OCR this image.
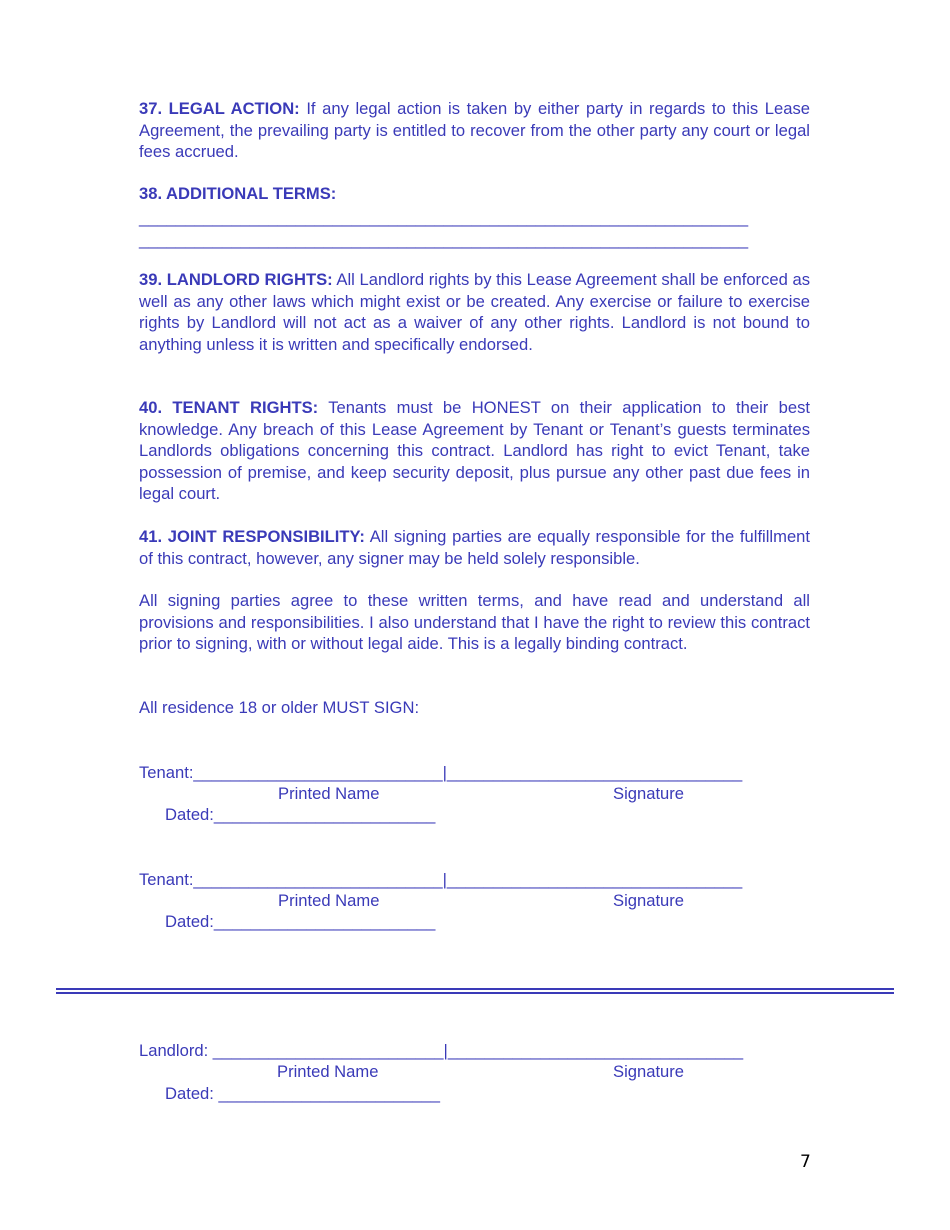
37. LEGAL ACTION: If any legal action is taken by either party in regards to this Lease Agreement, the prevailing party is entitled to recover from the other party any court or legal fees accrued.

38. ADDITIONAL TERMS:

__________________________________________________________________

__________________________________________________________________

39. LANDLORD RIGHTS: All Landlord rights by this Lease Agreement shall be enforced as well as any other laws which might exist or be created. Any exercise or failure to exercise rights by Landlord will not act as a waiver of any other rights. Landlord is not bound to anything unless it is written and specifically endorsed.

40. TENANT RIGHTS: Tenants must be HONEST on their application to their best knowledge. Any breach of this Lease Agreement by Tenant or Tenant’s guests terminates Landlords obligations concerning this contract. Landlord has right to evict Tenant, take possession of premise, and keep security deposit, plus pursue any other past due fees in legal court.

41. JOINT RESPONSIBILITY: All signing parties are equally responsible for the fulfillment of this contract, however, any signer may be held solely responsible.

All signing parties agree to these written terms, and have read and understand all provisions and responsibilities. I also understand that I have the right to review this contract prior to signing, with or without legal aide. This is a legally binding contract.

All residence 18 or older MUST SIGN:

Tenant:___________________________|________________________________

Printed Name	Signature

Dated:________________________

Tenant:___________________________|________________________________

Printed Name	Signature

Dated:________________________

Landlord: _________________________|________________________________

Printed Name	Signature

Dated: ________________________

7
